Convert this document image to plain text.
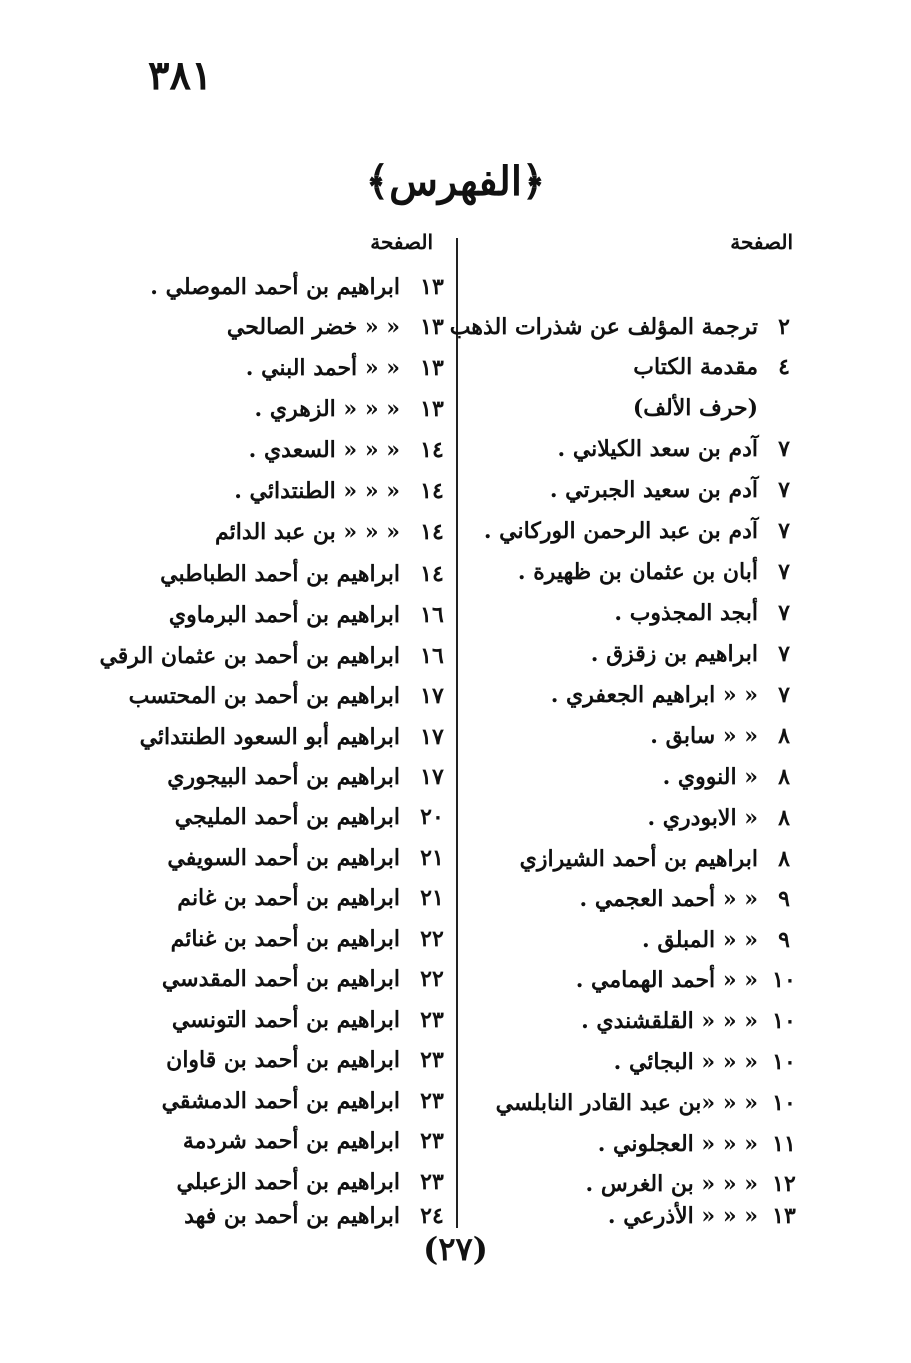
٣٨١
﴿الفهرس﴾
الصفحة
الصفحة
٢
ترجمة المؤلف عن شذرات الذهب
٤
مقدمة الكتاب
(حرف الألف)
٧
آدم بن سعد الكيلاني .
٧
آدم بن سعيد الجبرتي .
٧
آدم بن عبد الرحمن الوركاني .
٧
أبان بن عثمان بن ظهيرة .
٧
أبجد المجذوب .
٧
ابراهيم بن زقزق .
٧
« « ابراهيم الجعفري .
٨
« « سابق .
٨
« النووي .
٨
« الابودري .
٨
ابراهيم بن أحمد الشيرازي
٩
« « أحمد العجمي .
٩
« « المبلق .
١٠
« « أحمد الهمامي .
١٠
« « « القلقشندي .
١٠
« « « البجائي .
١٠
« « «بن عبد القادر النابلسي
١١
« « « العجلوني .
١٢
« « « بن الغرس .
١٣
« « « الأذرعي .
١٣
ابراهيم بن أحمد الموصلي .
١٣
« « خضر الصالحي
١٣
« « أحمد البني .
١٣
« « « الزهري .
١٤
« « « السعدي .
١٤
« « « الطنتدائي .
١٤
« « « بن عبد الدائم
١٤
ابراهيم بن أحمد الطباطبي
١٦
ابراهيم بن أحمد البرماوي
١٦
ابراهيم بن أحمد بن عثمان الرقي
١٧
ابراهيم بن أحمد بن المحتسب
١٧
ابراهيم أبو السعود الطنتدائي
١٧
ابراهيم بن أحمد البيجوري
٢٠
ابراهيم بن أحمد المليجي
٢١
ابراهيم بن أحمد السويفي
٢١
ابراهيم بن أحمد بن غانم
٢٢
ابراهيم بن أحمد بن غنائم
٢٢
ابراهيم بن أحمد المقدسي
٢٣
ابراهيم بن أحمد التونسي
٢٣
ابراهيم بن أحمد بن قاوان
٢٣
ابراهيم بن أحمد الدمشقي
٢٣
ابراهيم بن أحمد شردمة
٢٣
ابراهيم بن أحمد الزعبلي
٢٤
ابراهيم بن أحمد بن فهد
(٢٧)
